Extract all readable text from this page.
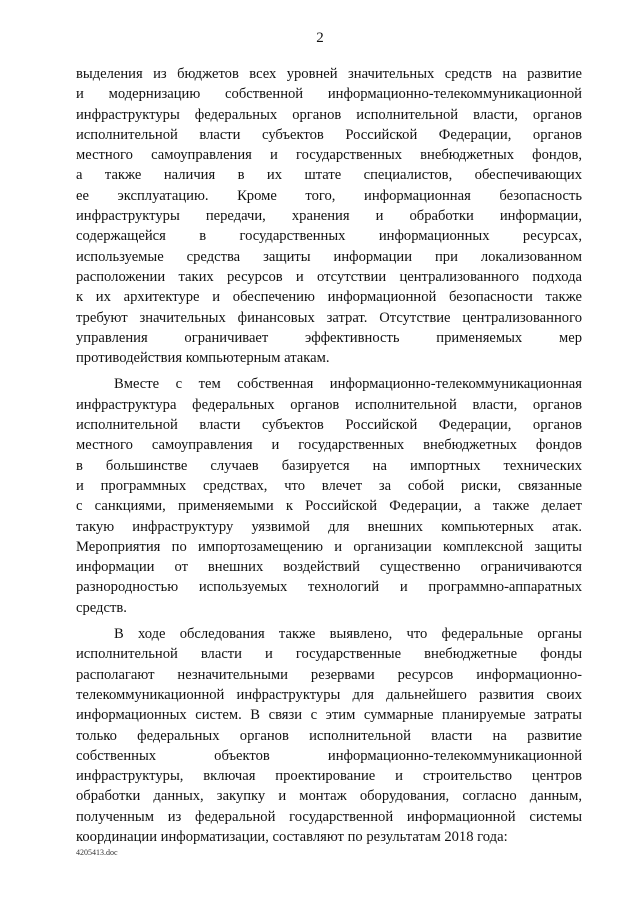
2

выделения из бюджетов всех уровней значительных средств на развитие
и модернизацию собственной информационно-телекоммуникационной
инфраструктуры федеральных органов исполнительной власти, органов
исполнительной власти субъектов Российской Федерации, органов
местного самоуправления и государственных внебюджетных фондов,
а также наличия в их штате специалистов, обеспечивающих
ее эксплуатацию. Кроме того, информационная безопасность
инфраструктуры передачи, хранения и обработки информации,
содержащейся в государственных информационных ресурсах,
используемые средства защиты информации при локализованном
расположении таких ресурсов и отсутствии централизованного подхода
к их архитектуре и обеспечению информационной безопасности также
требуют значительных финансовых затрат. Отсутствие централизованного
управления ограничивает эффективность применяемых мер
противодействия компьютерным атакам.

Вместе с тем собственная информационно-телекоммуникационная
инфраструктура федеральных органов исполнительной власти, органов
исполнительной власти субъектов Российской Федерации, органов
местного самоуправления и государственных внебюджетных фондов
в большинстве случаев базируется на импортных технических
и программных средствах, что влечет за собой риски, связанные
с санкциями, применяемыми к Российской Федерации, а также делает
такую инфраструктуру уязвимой для внешних компьютерных атак.
Мероприятия по импортозамещению и организации комплексной защиты
информации от внешних воздействий существенно ограничиваются
разнородностью используемых технологий и программно-аппаратных
средств.

В ходе обследования также выявлено, что федеральные органы
исполнительной власти и государственные внебюджетные фонды
располагают незначительными резервами ресурсов информационно-
телекоммуникационной инфраструктуры для дальнейшего развития своих
информационных систем. В связи с этим суммарные планируемые затраты
только федеральных органов исполнительной власти на развитие
собственных объектов информационно-телекоммуникационной
инфраструктуры, включая проектирование и строительство центров
обработки данных, закупку и монтаж оборудования, согласно данным,
полученным из федеральной государственной информационной системы
координации информатизации, составляют по результатам 2018 года:

4205413.doc
